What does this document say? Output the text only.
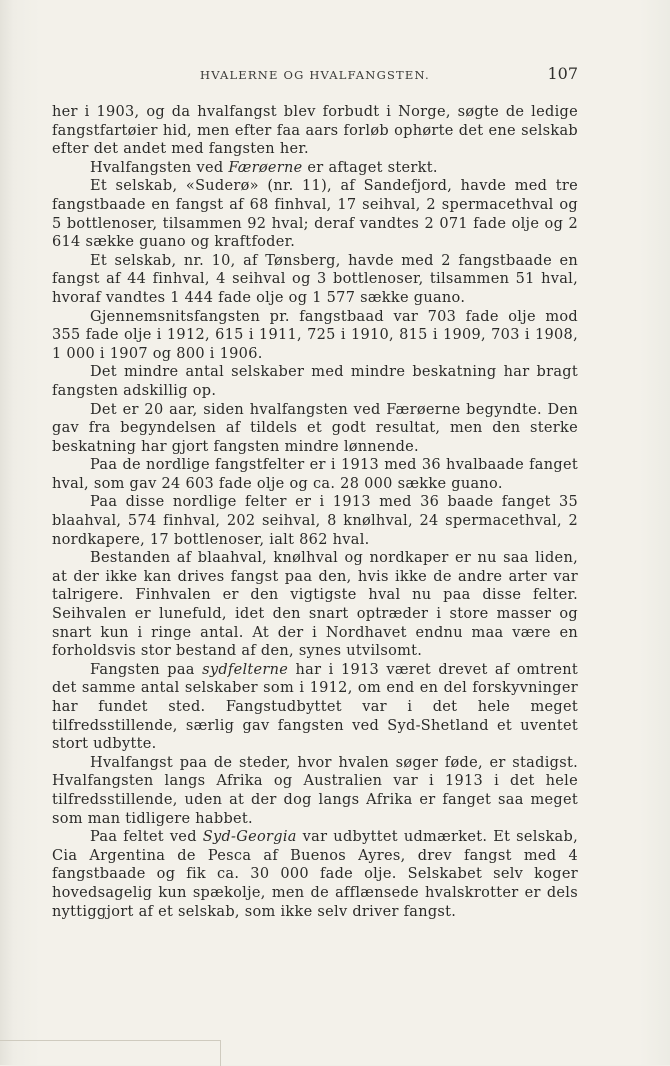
HVALERNE OG HVALFANGSTEN.	107

her i 1903, og da hvalfangst blev forbudt i Norge, søgte de ledige fangstfartøier hid, men efter faa aars forløb ophørte det ene selskab efter det andet med fangsten her.

Hvalfangsten ved Færøerne er aftaget sterkt.

Et selskab, «Suderø» (nr. 11), af Sandefjord, havde med tre fangstbaade en fangst af 68 finhval, 17 seihval, 2 spermacethval og 5 bottlenoser, tilsammen 92 hval; deraf vandtes 2 071 fade olje og 2 614 sække guano og kraftfoder.

Et selskab, nr. 10, af Tønsberg, havde med 2 fangstbaade en fangst af 44 finhval, 4 seihval og 3 bottlenoser, tilsammen 51 hval, hvoraf vandtes 1 444 fade olje og 1 577 sække guano.

Gjennemsnitsfangsten pr. fangstbaad var 703 fade olje mod 355 fade olje i 1912, 615 i 1911, 725 i 1910, 815 i 1909, 703 i 1908, 1 000 i 1907 og 800 i 1906.

Det mindre antal selskaber med mindre beskatning har bragt fangsten adskillig op.

Det er 20 aar, siden hvalfangsten ved Færøerne begyndte. Den gav fra begyndelsen af tildels et godt resultat, men den sterke beskatning har gjort fangsten mindre lønnende.

Paa de nordlige fangstfelter er i 1913 med 36 hvalbaade fanget hval, som gav 24 603 fade olje og ca. 28 000 sække guano.

Paa disse nordlige felter er i 1913 med 36 baade fanget 35 blaahval, 574 finhval, 202 seihval, 8 knølhval, 24 spermacethval, 2 nordkapere, 17 bottlenoser, ialt 862 hval.

Bestanden af blaahval, knølhval og nordkaper er nu saa liden, at der ikke kan drives fangst paa den, hvis ikke de andre arter var talrigere. Finhvalen er den vigtigste hval nu paa disse felter. Seihvalen er lunefuld, idet den snart optræder i store masser og snart kun i ringe antal. At der i Nordhavet endnu maa være en forholdsvis stor bestand af den, synes utvilsomt.

Fangsten paa sydfelterne har i 1913 været drevet af omtrent det samme antal selskaber som i 1912, om end en del forskyvninger har fundet sted. Fangstudbyttet var i det hele meget tilfredsstillende, særlig gav fangsten ved Syd-Shetland et uventet stort udbytte.

Hvalfangst paa de steder, hvor hvalen søger føde, er stadigst. Hvalfangsten langs Afrika og Australien var i 1913 i det hele tilfredsstillende, uden at der dog langs Afrika er fanget saa meget som man tidligere habbet.

Paa feltet ved Syd-Georgia var udbyttet udmærket. Et selskab, Cia Argentina de Pesca af Buenos Ayres, drev fangst med 4 fangstbaade og fik ca. 30 000 fade olje. Selskabet selv koger hovedsagelig kun spækolje, men de afflænsede hvalskrotter er dels nyttiggjort af et selskab, som ikke selv driver fangst.
